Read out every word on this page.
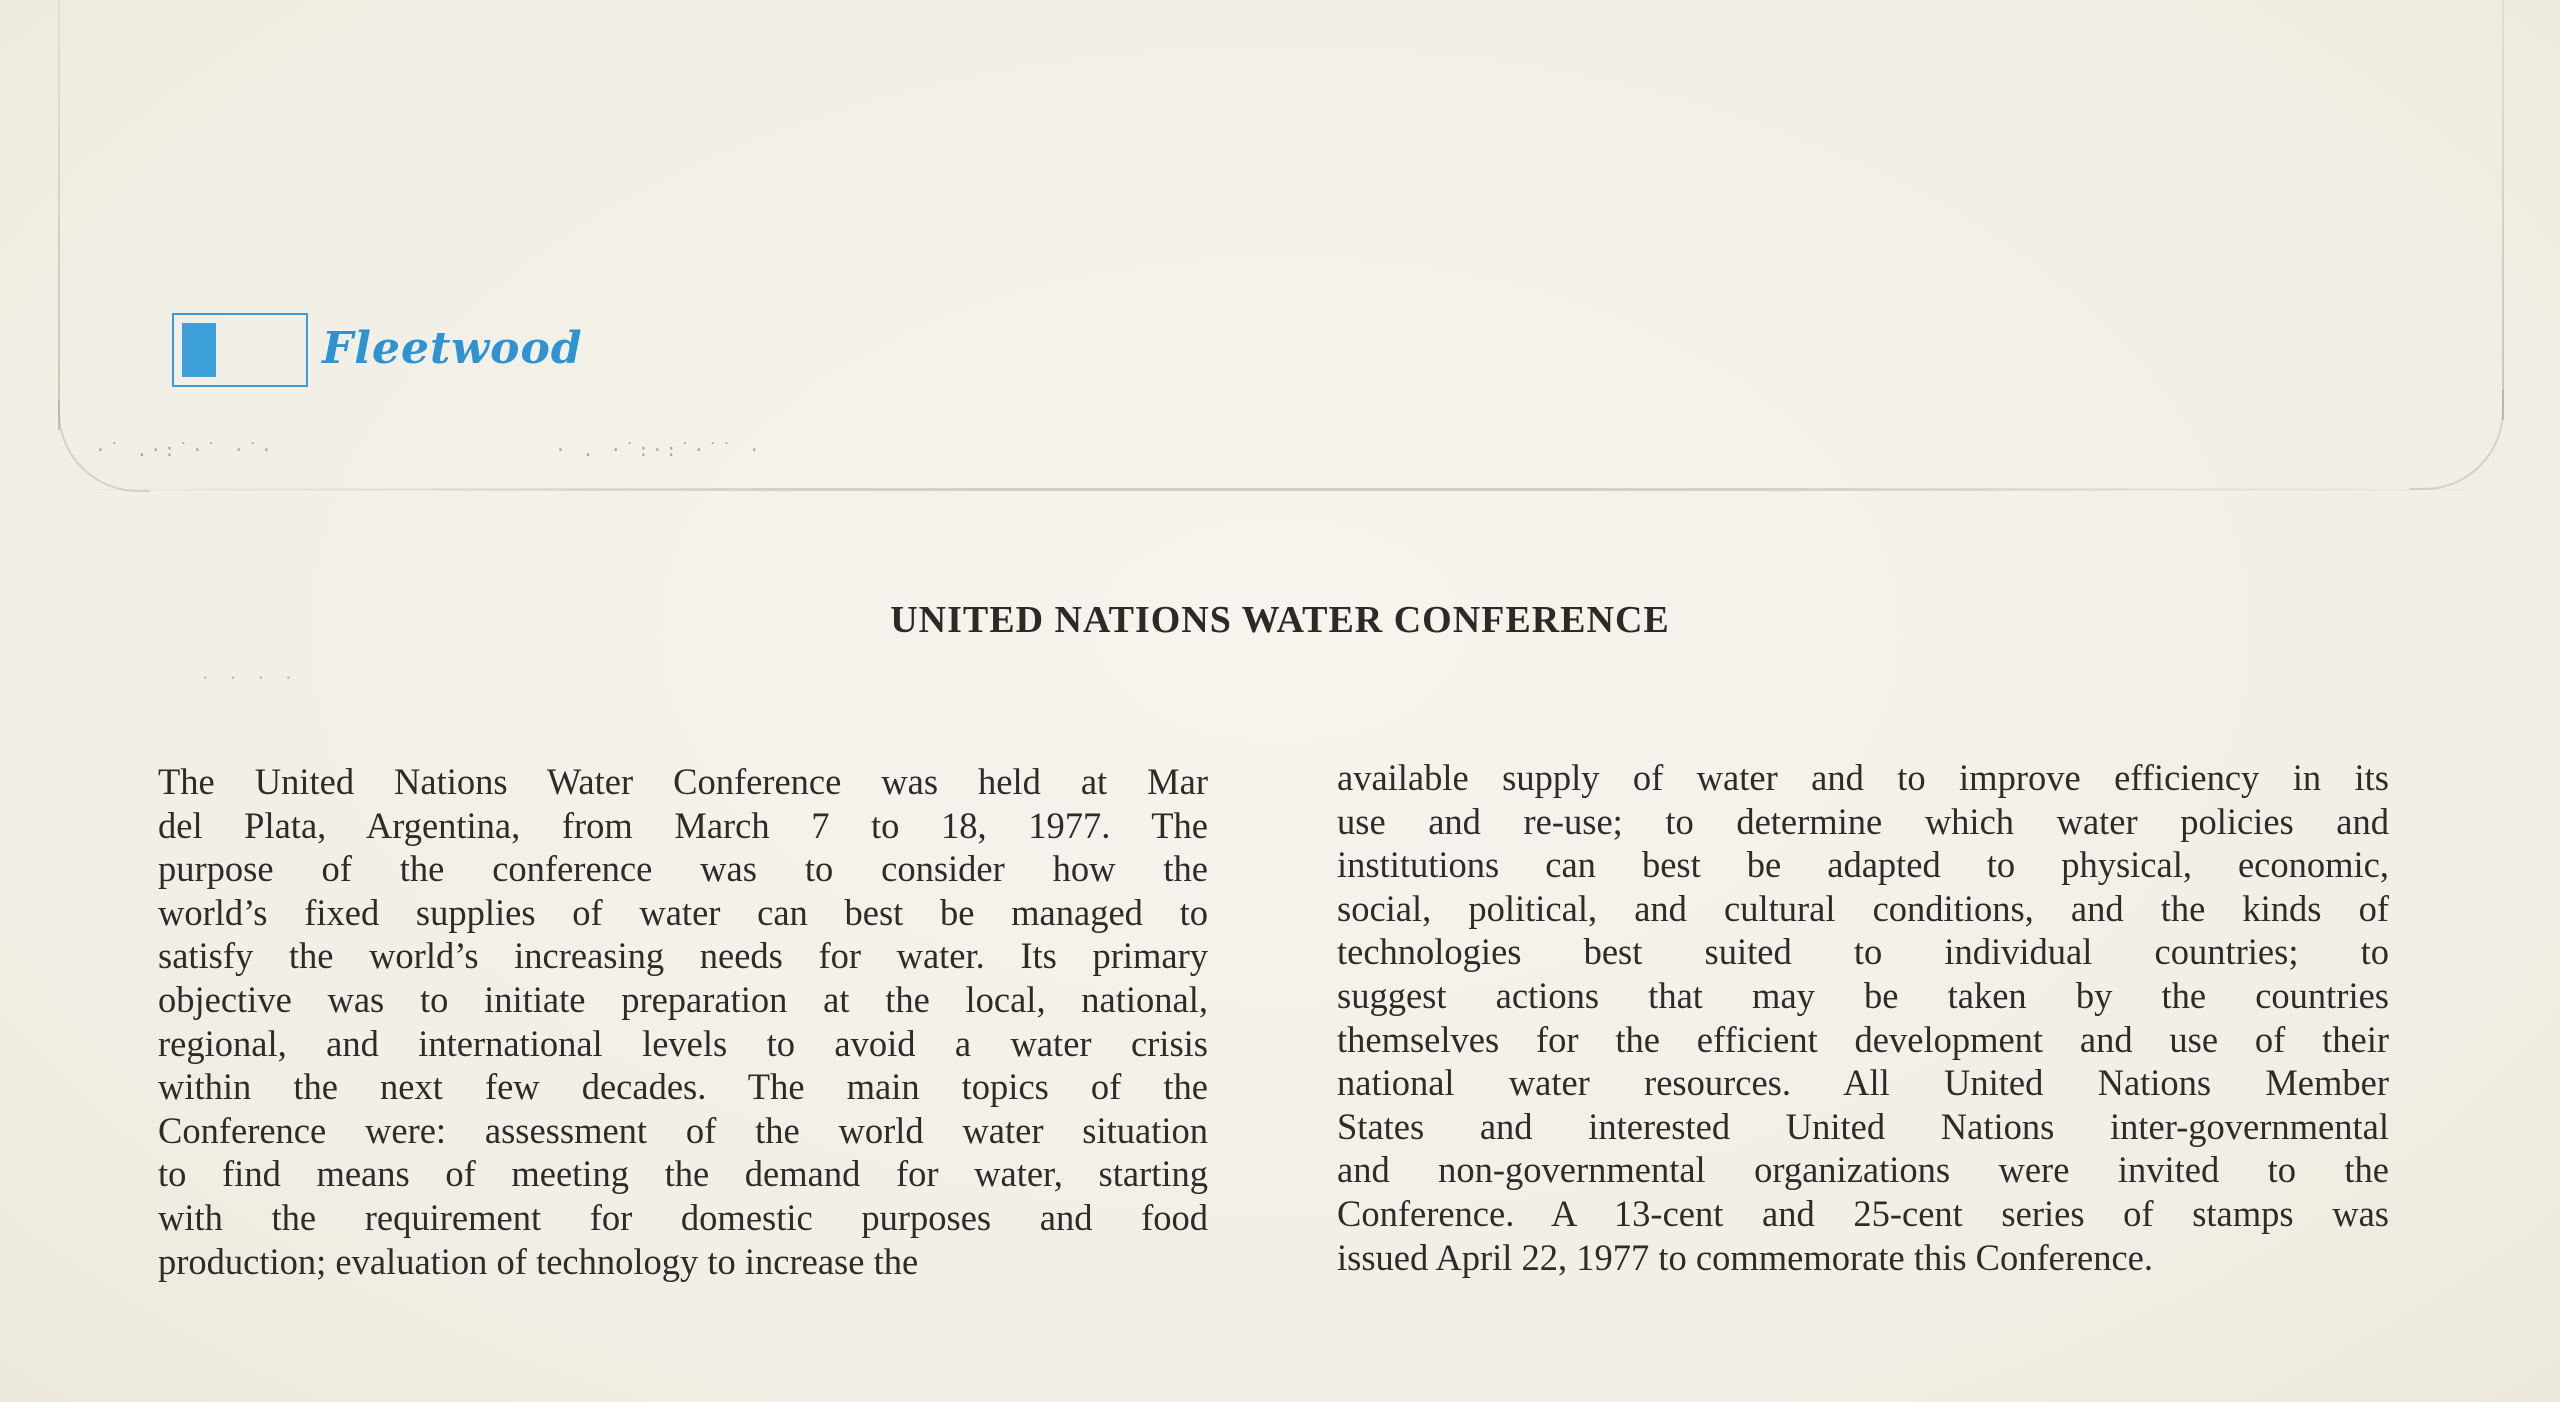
·˙ .·:˙·˙ ·˙·	· . ·˙:·:˙·˙˙ ·
· · · ·
Fleetwood
UNITED NATIONS WATER CONFERENCE
The United Nations Water Conference was held at Mar
del Plata, Argentina, from March 7 to 18, 1977. The
purpose of the conference was to consider how the
world’s fixed supplies of water can best be managed to
satisfy the world’s increasing needs for water. Its primary
objective was to initiate preparation at the local, national,
regional, and international levels to avoid a water crisis
within the next few decades. The main topics of the
Conference were: assessment of the world water situation
to find means of meeting the demand for water, starting
with the requirement for domestic purposes and food
production; evaluation of technology to increase the
available supply of water and to improve efficiency in its
use and re-use; to determine which water policies and
institutions can best be adapted to physical, economic,
social, political, and cultural conditions, and the kinds of
technologies best suited to individual countries; to
suggest actions that may be taken by the countries
themselves for the efficient development and use of their
national water resources. All United Nations Member
States and interested United Nations inter-governmental
and non-governmental organizations were invited to the
Conference. A 13-cent and 25-cent series of stamps was
issued April 22, 1977 to commemorate this Conference.
